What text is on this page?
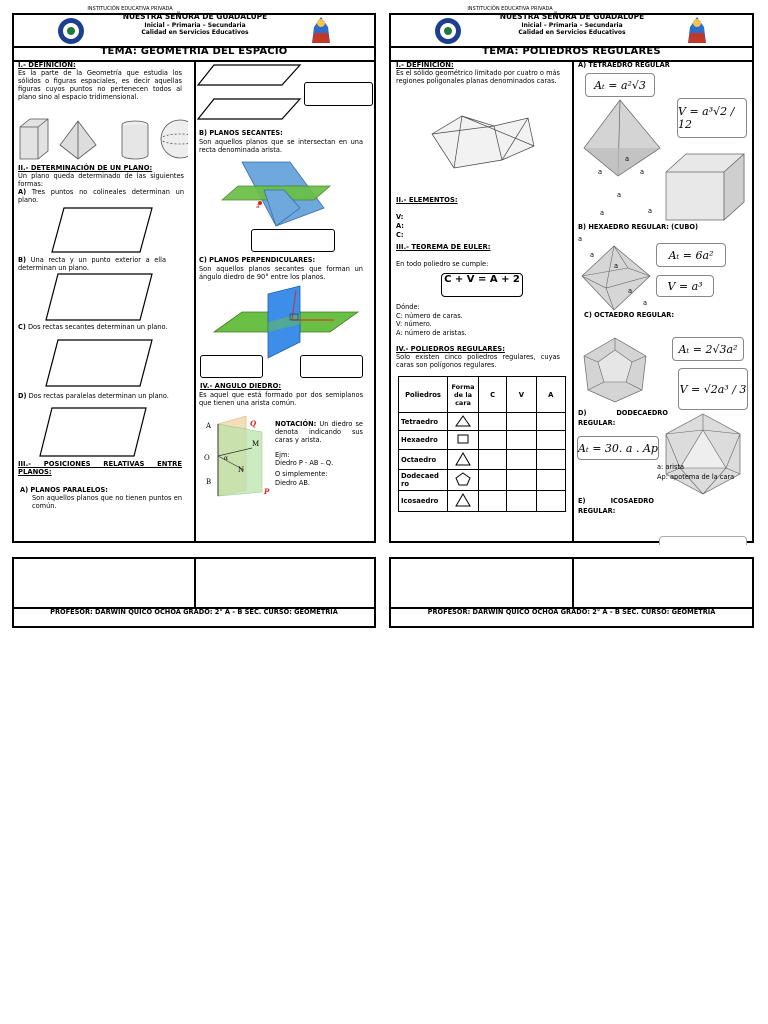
INSTITUCIÓN EDUCATIVA PRIVADA
"NUESTRA SEÑORA DE GUADALUPE"
Inicial – Primaria – Secundaria
Calidad en Servicios Educativos
TEMA: GEOMETRIA DEL ESPACIO
I.- DEFINICIÓN:
Es la parte de la Geometría que estudia los sólidos o figuras espaciales, es decir aquellas figuras cuyos puntos no pertenecen todos al plano sino al espacio tridimensional.
II.- DETERMINACIÓN DE UN PLANO:
Un plano queda determinado de las siguientes formas:
A) Tres puntos no colineales determinan un plano.
B) Una recta y un punto exterior a ella determinan un plano.
C) Dos rectas secantes determinan un plano.
D) Dos rectas paralelas determinan un plano.
III.- POSICIONES RELATIVAS ENTRE PLANOS:
A) PLANOS PARALELOS:
Son aquellos planos que no tienen puntos en común.
B) PLANOS SECANTES:
Son aquellos planos que se intersectan en una recta denominada arista.
a
C) PLANOS PERPENDICULARES:
Son aquellos planos secantes que forman un ángulo diedro de 90° entre los planos.
IV.- ANGULO DIEDRO:
Es aquel que está formado por dos semiplanos que tienen una arista común.
A
B
O
M
N
α
Q
P
NOTACIÓN: Un diedro se denota indicando sus caras y arista.
Ejm:
Diedro P - AB – Q.
O simplemente:
Diedro AB.
PROFESOR: DARWIN QUICO OCHOA GRADO: 2° A - B SEC. CURSO: GEOMETRÍA
INSTITUCIÓN EDUCATIVA PRIVADA
"NUESTRA SEÑORA DE GUADALUPE"
Inicial – Primaria – Secundaria
Calidad en Servicios Educativos
TEMA: POLIEDROS REGULARES
I.- DEFINICIÓN:
Es el sólido geométrico limitado por cuatro o más regiones poligonales planas denominados caras.
II.- ELEMENTOS:
V:
A:
C:
III.- TEOREMA DE EULER:
En todo poliedro se cumple:
C + V = A + 2
Dónde:
C: número de caras.
V: número.
A: número de aristas.
IV.- POLIEDROS REGULARES:
Solo existen cinco poliedros regulares, cuyas caras son polígonos regulares.
Poliedros	Forma de la cara	C	V	A
Tetraedro				
Hexaedro				
Octaedro				
Dodecaed ro				
Icosaedro				
A) TETRAEDRO REGULAR
Aₜ = a²√3
V = a³√2 / 12
a
a	a
a
a	a
B) HEXAEDRO REGULAR: (CUBO)
a
a
a
a
a
Aₜ = 6a²
V = a³
C) OCTAEDRO REGULAR:
Aₜ = 2√3a²
V = √2a³ / 3
D) DODECAEDRO REGULAR:
Aₜ = 30. a . Ap
a: arista
Ap: apotema de la cara
E) ICOSAEDRO REGULAR:
PROFESOR: DARWIN QUICO OCHOA GRADO: 2° A - B SEC. CURSO: GEOMETRÍA
